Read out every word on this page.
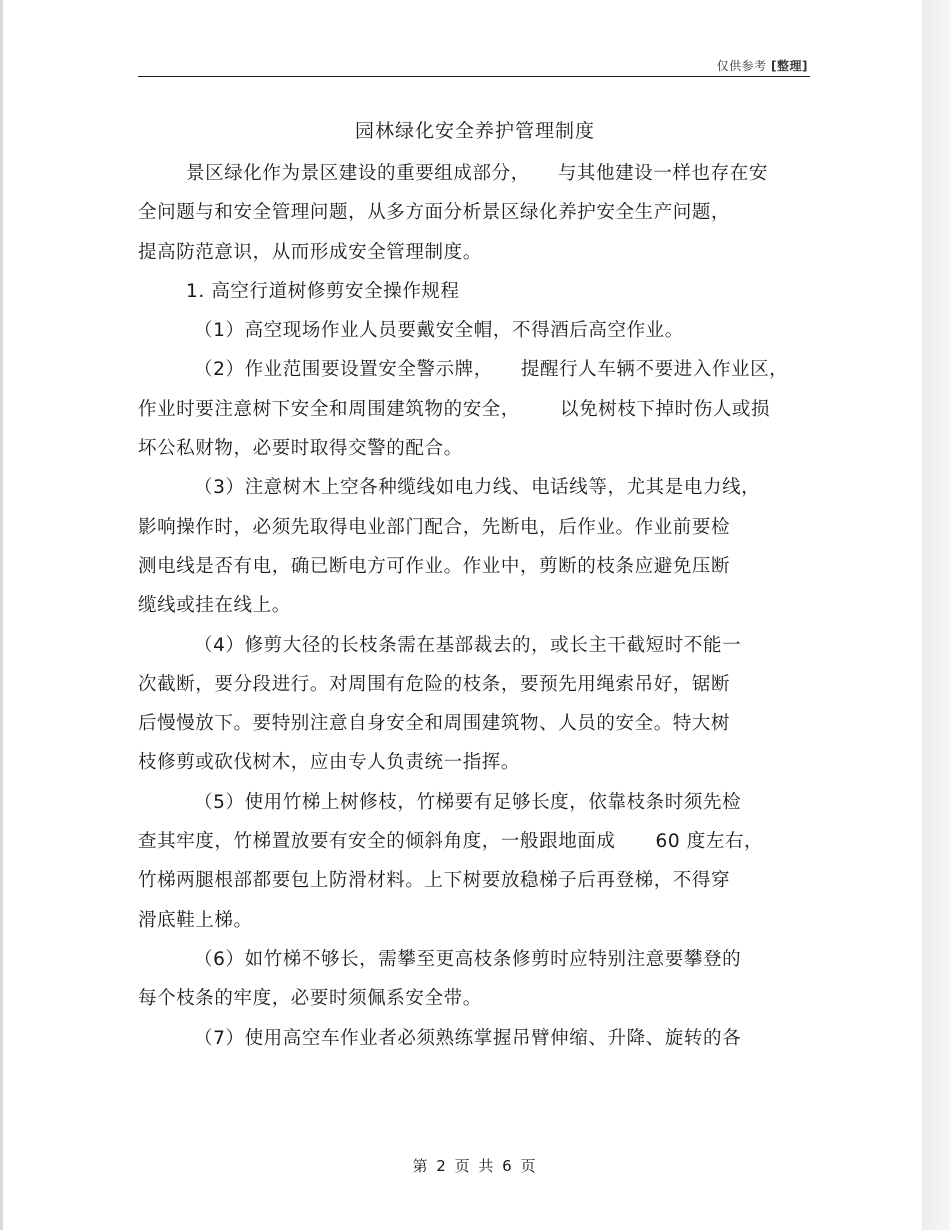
仅供参考 [整理]
园林绿化安全养护管理制度
景区绿化作为景区建设的重要组成部分， 与其他建设一样也存在安
全问题与和安全管理问题，从多方面分析景区绿化养护安全生产问题，
提高防范意识，从而形成安全管理制度。
1. 高空行道树修剪安全操作规程
（1）高空现场作业人员要戴安全帽，不得酒后高空作业。
（2）作业范围要设置安全警示牌， 提醒行人车辆不要进入作业区，
作业时要注意树下安全和周围建筑物的安全， 以免树枝下掉时伤人或损
坏公私财物，必要时取得交警的配合。
（3）注意树木上空各种缆线如电力线、电话线等，尤其是电力线，
影响操作时，必须先取得电业部门配合，先断电，后作业。作业前要检
测电线是否有电，确已断电方可作业。作业中，剪断的枝条应避免压断
缆线或挂在线上。
（4）修剪大径的长枝条需在基部裁去的，或长主干截短时不能一
次截断，要分段进行。对周围有危险的枝条，要预先用绳索吊好，锯断
后慢慢放下。要特别注意自身安全和周围建筑物、人员的安全。特大树
枝修剪或砍伐树木，应由专人负责统一指挥。
（5）使用竹梯上树修枝，竹梯要有足够长度，依靠枝条时须先检
查其牢度，竹梯置放要有安全的倾斜角度，一般跟地面成 60 度左右，
竹梯两腿根部都要包上防滑材料。上下树要放稳梯子后再登梯，不得穿
滑底鞋上梯。
（6）如竹梯不够长，需攀至更高枝条修剪时应特别注意要攀登的
每个枝条的牢度，必要时须佩系安全带。
（7）使用高空车作业者必须熟练掌握吊臂伸缩、升降、旋转的各
第 2 页 共 6 页
